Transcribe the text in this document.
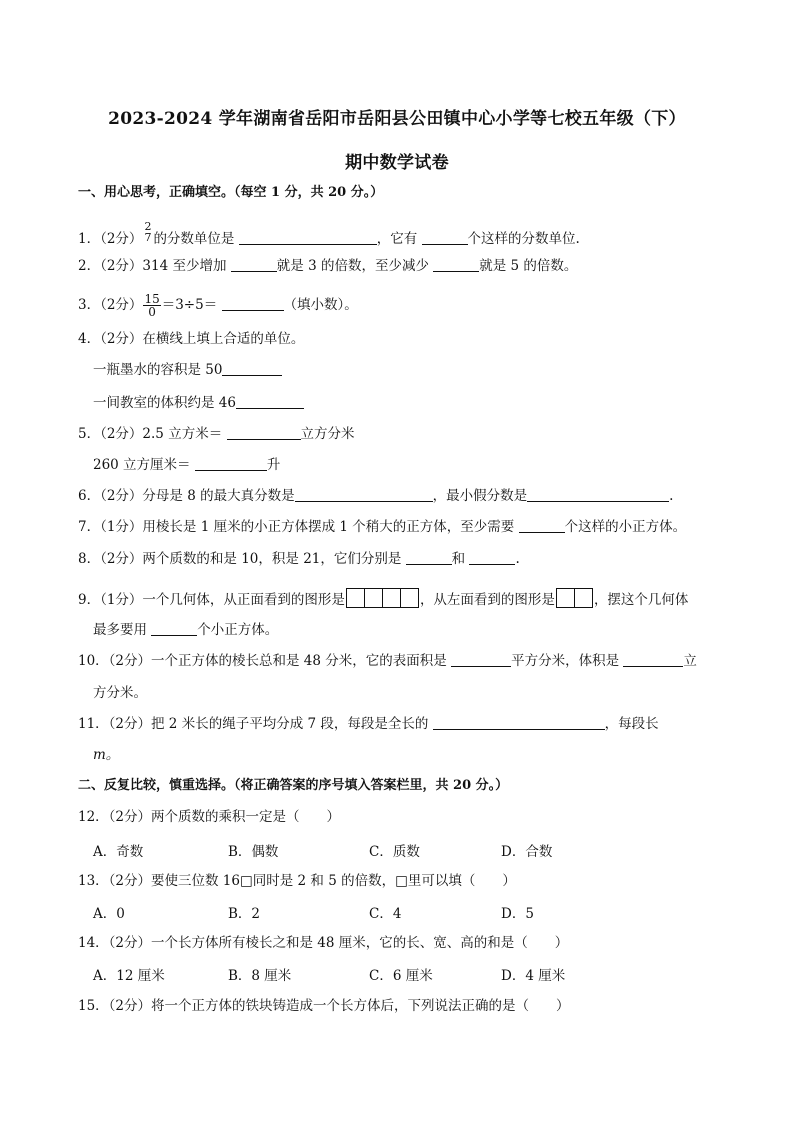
2023-2024 学年湖南省岳阳市岳阳县公田镇中心小学等七校五年级（下）
期中数学试卷
一、用心思考，正确填空。（每空 1 分，共 20 分。）
1．（2分）
2
7 的分数单位是	，它有	个这样的分数单位.
2．（2分）314 至少增加	就是 3 的倍数，至少减少	就是 5 的倍数。
3．（2分） $\frac{15}{0} =3\div 5=$	（填小数）。
4．（2分）在横线上填上合适的单位。
一瓶墨水的容积是 50
一间教室的体积约是 46
5．（2分）2.5 立方米＝	立方分米
260 立方厘米＝	升
6．（2分）分母是 8 的最大真分数是	，最小假分数是	.
7．（1分）用棱长是 1 厘米的小正方体摆成 1 个稍大的正方体，至少需要	个这样的小正方体。
8．（2分）两个质数的和是 10，积是 21，它们分别是	和	.
9．（1分）一个几何体，从正面看到的图形是	，从左面看到的图形是	，摆这个几何体
最多要用	个小正方体。
10．（2分）一个正方体的棱长总和是 48 分米，它的表面积是	平方分米，体积是	立
方分米。
11．（2分）把 2 米长的绳子平均分成 7 段，每段是全长的	，每段长
m。
二、反复比较，慎重选择。（将正确答案的序号填入答案栏里，共 20 分。）
12．（2分）两个质数的乘积一定是（　　）
A．奇数	B．偶数	C．质数	D．合数
13．（2分）要使三位数 16□同时是 2 和 5 的倍数，□里可以填（　　）
A．0	B．2	C．4	D．5
14．（2分）一个长方体所有棱长之和是 48 厘米，它的长、宽、高的和是（　　）
A．12 厘米	B．8 厘米	C．6 厘米	D．4 厘米
15．（2分）将一个正方体的铁块铸造成一个长方体后，下列说法正确的是（　　）
